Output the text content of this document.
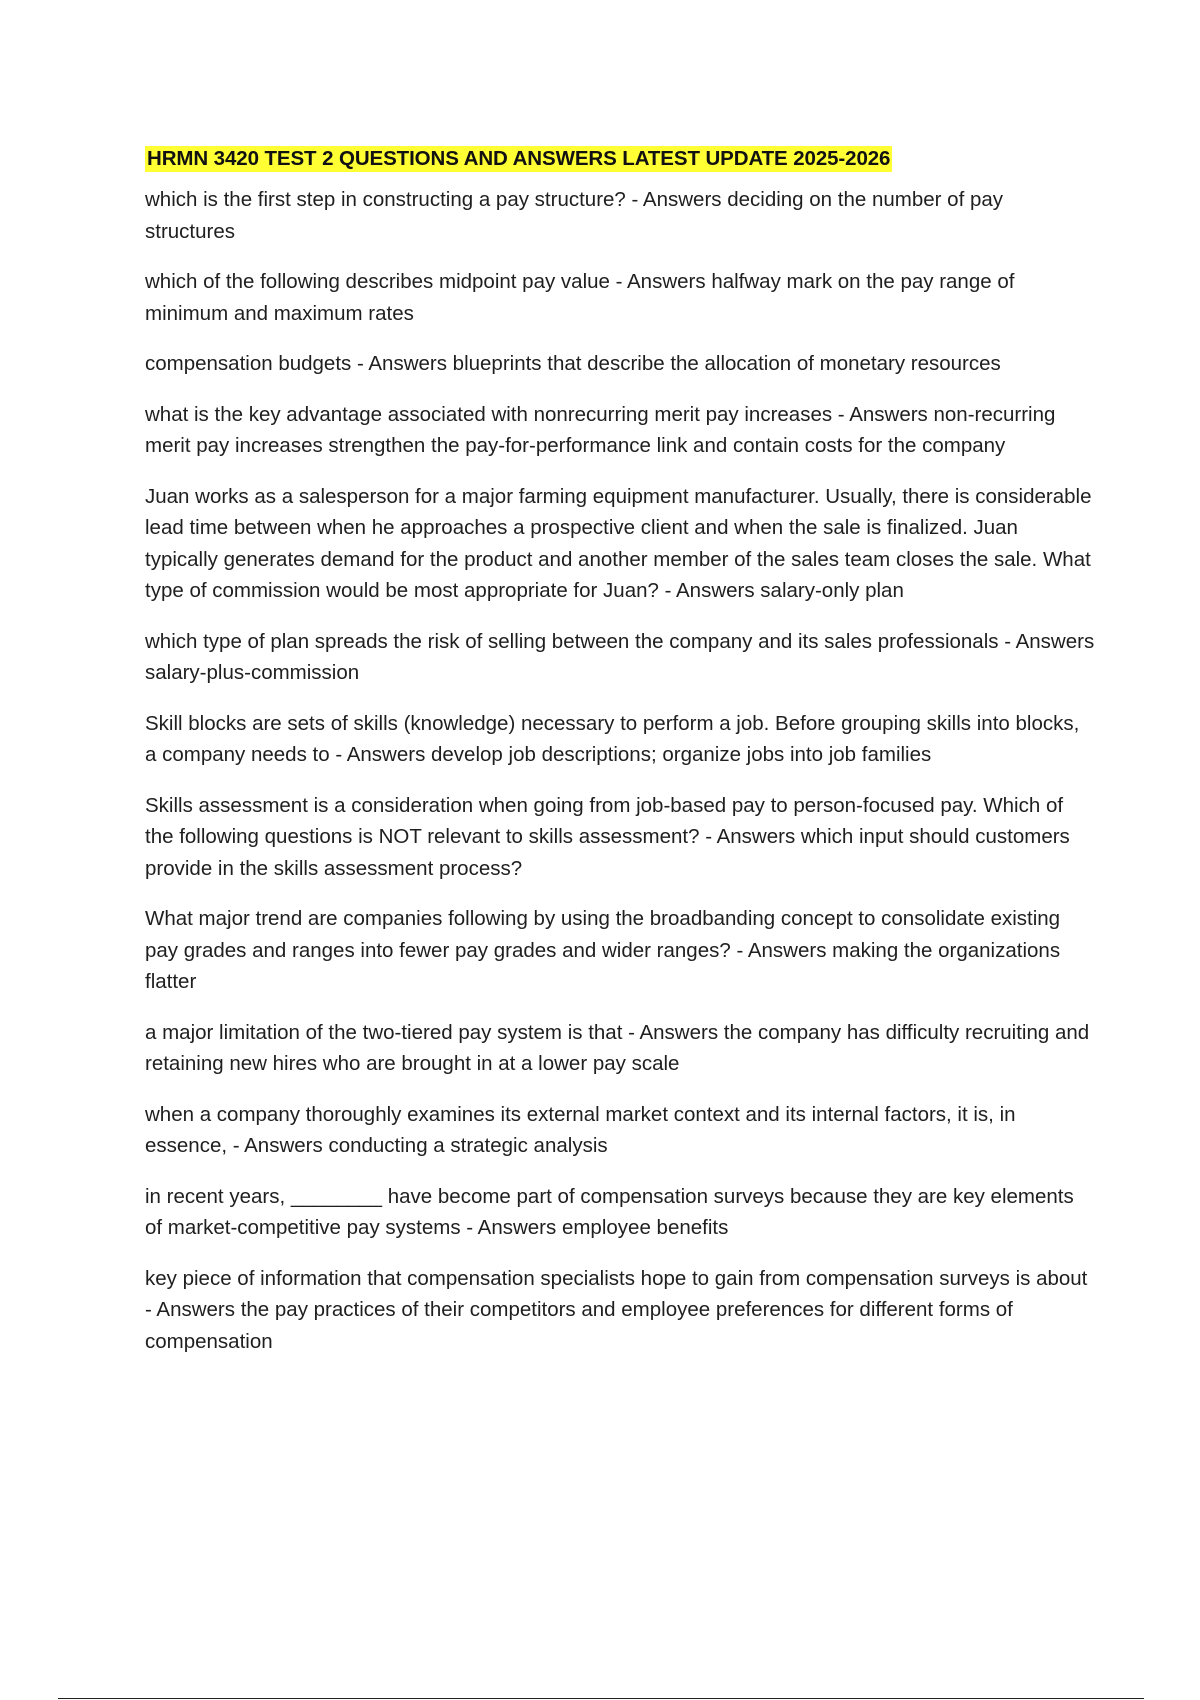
HRMN 3420 TEST 2 QUESTIONS AND ANSWERS LATEST UPDATE 2025-2026
which is the first step in constructing a pay structure? - Answers deciding on the number of pay structures
which of the following describes midpoint pay value - Answers halfway mark on the pay range of minimum and maximum rates
compensation budgets - Answers blueprints that describe the allocation of monetary resources
what is the key advantage associated with nonrecurring merit pay increases - Answers non-recurring merit pay increases strengthen the pay-for-performance link and contain costs for the company
Juan works as a salesperson for a major farming equipment manufacturer. Usually, there is considerable lead time between when he approaches a prospective client and when the sale is finalized. Juan typically generates demand for the product and another member of the sales team closes the sale. What type of commission would be most appropriate for Juan? - Answers salary-only plan
which type of plan spreads the risk of selling between the company and its sales professionals - Answers salary-plus-commission
Skill blocks are sets of skills (knowledge) necessary to perform a job. Before grouping skills into blocks, a company needs to - Answers develop job descriptions; organize jobs into job families
Skills assessment is a consideration when going from job-based pay to person-focused pay. Which of the following questions is NOT relevant to skills assessment? - Answers which input should customers provide in the skills assessment process?
What major trend are companies following by using the broadbanding concept to consolidate existing pay grades and ranges into fewer pay grades and wider ranges? - Answers making the organizations flatter
a major limitation of the two-tiered pay system is that - Answers the company has difficulty recruiting and retaining new hires who are brought in at a lower pay scale
when a company thoroughly examines its external market context and its internal factors, it is, in essence, - Answers conducting a strategic analysis
in recent years, ________ have become part of compensation surveys because they are key elements of market-competitive pay systems - Answers employee benefits
key piece of information that compensation specialists hope to gain from compensation surveys is about - Answers the pay practices of their competitors and employee preferences for different forms of compensation
